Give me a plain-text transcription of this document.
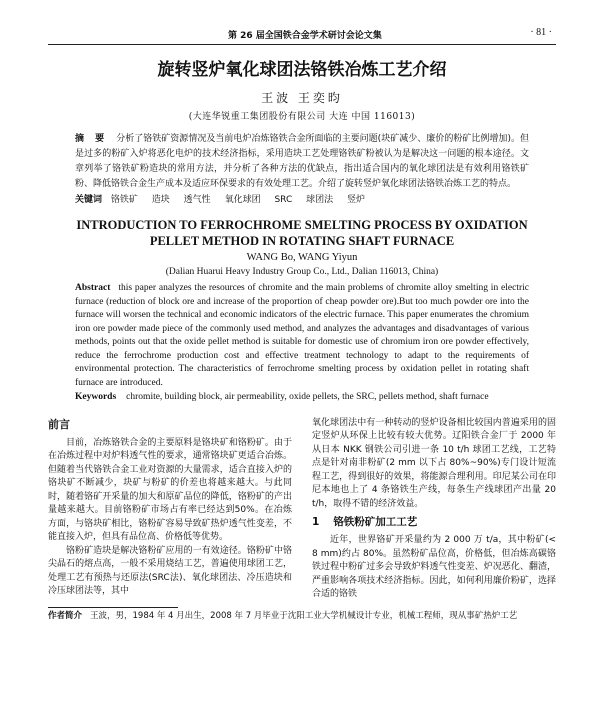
第 26 届全国铁合金学术研讨会论文集	· 81 ·
旋转竖炉氧化球团法铬铁冶炼工艺介绍
王波 王奕昀
(大连华锐重工集团股份有限公司 大连 中国 116013)
摘 要 分析了铬铁矿资源情况及当前电炉冶炼铬铁合金所面临的主要问题(块矿减少、廉价的粉矿比例增加)。但是过多的粉矿入炉将恶化电炉的技术经济指标，采用造块工艺处理铬铁矿粉被认为是解决这一问题的根本途径。文章列举了铬铁矿粉造块的常用方法，并分析了各种方法的优缺点，指出适合国内的氧化球团法是有效利用铬铁矿粉、降低铬铁合金生产成本及适应环保要求的有效处理工艺。介绍了旋转竖炉氧化球团法铬铁冶炼工艺的特点。
关键词 铬铁矿 造块 透气性 氧化球团 SRC 球团法 竖炉
INTRODUCTION TO FERROCHROME SMELTING PROCESS BY OXIDATION
PELLET METHOD IN ROTATING SHAFT FURNACE
WANG Bo, WANG Yiyun
(Dalian Huarui Heavy Industry Group Co., Ltd., Dalian 116013, China)
Abstract this paper analyzes the resources of chromite and the main problems of chromite alloy smelting in electric furnace (reduction of block ore and increase of the proportion of cheap powder ore).But too much powder ore into the furnace will worsen the technical and economic indicators of the electric furnace. This paper enumerates the chromium iron ore powder made piece of the commonly used method, and analyzes the advantages and disadvantages of various methods, points out that the oxide pellet method is suitable for domestic use of chromium iron ore powder effectively, reduce the ferrochrome production cost and effective treatment technology to adapt to the requirements of environmental protection. The characteristics of ferrochrome smelting process by oxidation pellet in rotating shaft furnace are introduced.
Keywords chromite, building block, air permeability, oxide pellets, the SRC, pellets method, shaft furnace
前言

目前，冶炼铬铁合金的主要原料是铬块矿和铬粉矿。由于在冶炼过程中对炉料透气性的要求，通常铬块矿更适合冶炼。但随着当代铬铁合金工业对资源的大量需求，适合直接入炉的铬块矿不断减少，块矿与粉矿的价差也将越来越大。与此同时，随着铬矿开采量的加大和原矿品位的降低，铬粉矿的产出量越来越大。目前铬粉矿市场占有率已经达到50%。在冶炼方面，与铬块矿相比，铬粉矿容易导致矿热炉透气性变差，不能直接入炉，但具有品位高、价格低等优势。

铬粉矿造块是解决铬粉矿应用的一有效途径。铬粉矿中铬尖晶石的熔点高，一般不采用烧结工艺，普遍使用球团工艺，处理工艺有预热与还原法(SRC法)、氧化球团法、冷压造块和冷压球团法等，其中

氧化球团法中有一种转动的竖炉设备相比较国内普遍采用的固定竖炉从环保上比较有较大优势。辽阳铁合金厂于 2000 年从日本 NKK 钢铁公司引进一条 10 t/h 球团工艺线，工艺特点是针对南非粉矿(2 mm 以下占 80%~90%)专门设计短流程工艺，得到很好的效果，将能源合理利用。印尼某公司在印尼本地也上了 4 条铬铁生产线，每条生产线球团产出量 20 t/h，取得不错的经济效益。

1 铬铁粉矿加工工艺

近年，世界铬矿开采量约为 2 000 万 t/a，其中粉矿(< 8 mm)约占 80%。虽然粉矿品位高，价格低，但冶炼高碳铬铁过程中粉矿过多会导致炉料透气性变差、炉况恶化、翻渣，严重影响各项技术经济指标。因此，如何利用廉价粉矿，选择合适的铬铁

作者简介 王波，男，1984 年 4 月出生，2008 年 7 月毕业于沈阳工业大学机械设计专业，机械工程师，现从事矿热炉工艺
